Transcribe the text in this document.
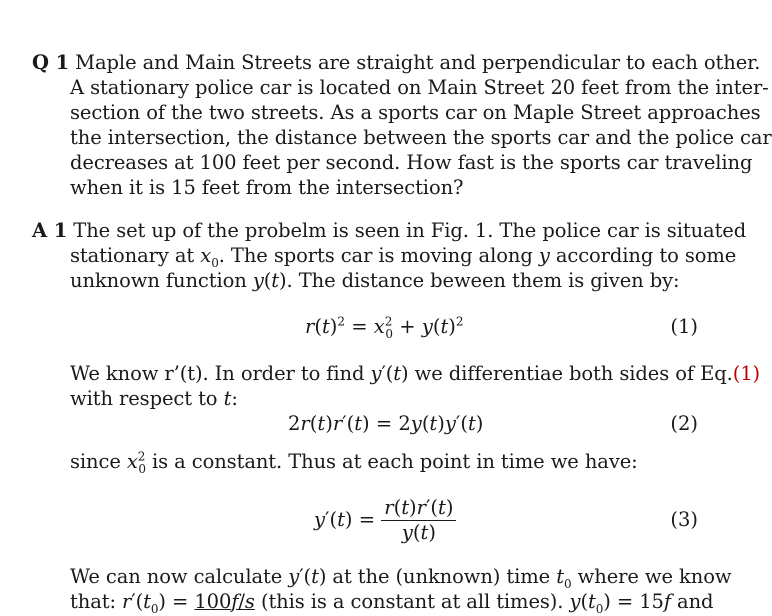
Q 1 Maple and Main Streets are straight and perpendicular to each other.
A stationary police car is located on Main Street 20 feet from the inter-
section of the two streets. As a sports car on Maple Street approaches
the intersection, the distance between the sports car and the police car
decreases at 100 feet per second. How fast is the sports car traveling
when it is 15 feet from the intersection?
A 1 The set up of the probelm is seen in Fig. 1. The police car is situated
stationary at $x_0$. The sports car is moving along y according to some
unknown function y(t). The distance beween them is given by:
$r(t)^2 = x^2_0 + y(t)^2$	(1)
We know r’(t). In order to find y′(t) we differentiae both sides of Eq.(1)
with respect to t:
2r(t)r′(t) = 2y(t)y′(t)	(2)
since $x^2_0$ is a constant. Thus at each point in time we have:
$y'(t) = \frac{r(t)r'(t)}{y(t)}$	(3)
We can now calculate y′(t) at the (unknown) time $t_0$ where we know
that: $r'(t_0) = 100f/s$ (this is a constant at all times). $y(t_0) = 15f$ and
